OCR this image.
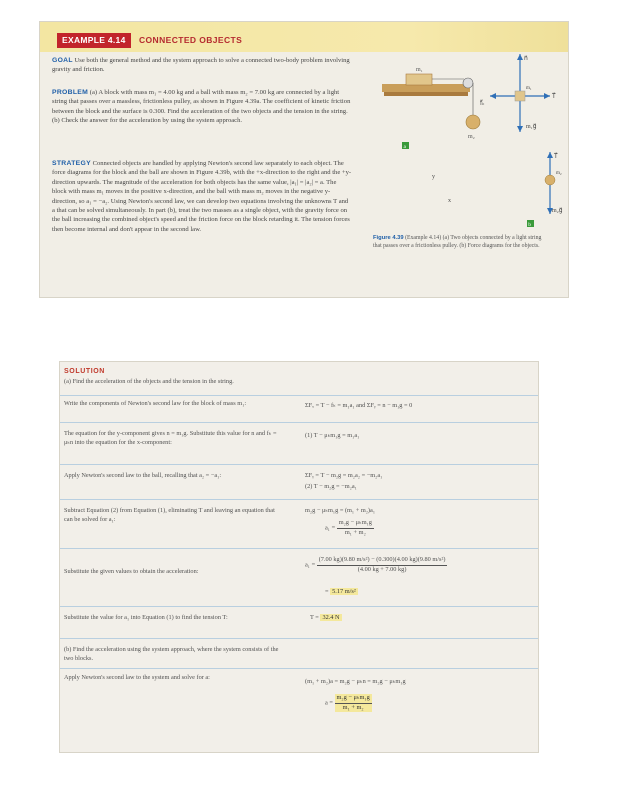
EXAMPLE 4.14	CONNECTED OBJECTS
GOAL Use both the general method and the system approach to solve a connected two-body problem involving gravity and friction.
PROBLEM (a) A block with mass m₁ = 4.00 kg and a ball with mass m₂ = 7.00 kg are connected by a light string that passes over a massless, frictionless pulley, as shown in Figure 4.39a. The coefficient of kinetic friction between the block and the surface is 0.300. Find the acceleration of the two objects and the tension in the string. (b) Check the answer for the acceleration by using the system approach.
STRATEGY Connected objects are handled by applying Newton's second law separately to each object. The force diagrams for the block and the ball are shown in Figure 4.39b, with the +x-direction to the right and the +y-direction upwards. The magnitude of the acceleration for both objects has the same value, |a₁| = |a₂| = a. The block with mass m₁ moves in the positive x-direction, and the ball with mass m₂ moves in the negative y-direction, so a₁ = −a₂. Using Newton's second law, we can develop two equations involving the unknowns T and a that can be solved simultaneously. In part (b), treat the two masses as a single object, with the gravity force on the ball increasing the combined object's speed and the friction force on the block retarding it. The tension forces then become internal and don't appear in the second law.
m₁
m₂
a
n⃗
m₁
T⃗
f⃗ₖ
m₁g⃗
T⃗
m₂
m₂g⃗
b
y
x
Figure 4.39 (Example 4.14) (a) Two objects connected by a light string that passes over a frictionless pulley. (b) Force diagrams for the objects.
SOLUTION
(a) Find the acceleration of the objects and the tension in the string.
Write the components of Newton's second law for the block of mass m₁:	ΣFₓ = T − fₖ = m₁a₁ and ΣFᵧ = n − m₁g = 0
The equation for the y-component gives n = m₁g. Substitute this value for n and fₖ = μₖn into the equation for the x-component:
(1) T − μₖm₁g = m₁a₁
Apply Newton's second law to the ball, recalling that a₂ = −a₁:	ΣFᵧ = T − m₂g = m₂a₂ = −m₂a₁
(2) T − m₂g = −m₂a₁
Subtract Equation (2) from Equation (1), eliminating T and leaving an equation that can be solved for a₁:
m₂g − μₖm₁g = (m₁ + m₂)a₁
$a_1 = \frac{\text{m₂g − μₖm₁g}}{\text{m₁ + m₂}}$
Substitute the given values to obtain the acceleration:
$a_1 = \frac{\text{(7.00 kg)(9.80 m/s²) − (0.300)(4.00 kg)(9.80 m/s²)}}{(4.00 kg + 7.00 kg)}$
= 5.17 m/s²
Substitute the value for a₁ into Equation (1) to find the tension T:	T = 32.4 N
(b) Find the acceleration using the system approach, where the system consists of the two blocks.
Apply Newton's second law to the system and solve for a:
(m₁ + m₂)a = m₂g − μₖn = m₂g − μₖm₁g
$a = \frac{\text{m₂g − μₖm₁g}}{\text{m₁ + m₂}}$
